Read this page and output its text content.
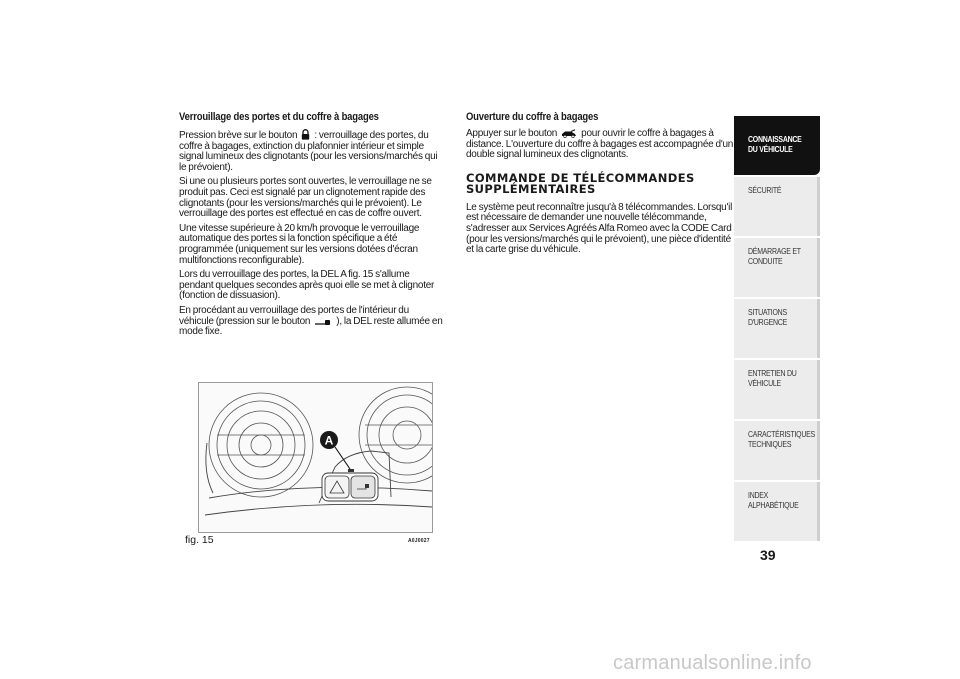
Verrouillage des portes et du coffre à bagages

Pression brève sur le bouton : verrouillage des portes, du coffre à bagages, extinction du plafonnier intérieur et simple signal lumineux des clignotants (pour les versions/marchés qui le prévoient).

Si une ou plusieurs portes sont ouvertes, le verrouillage ne se produit pas. Ceci est signalé par un clignotement rapide des clignotants (pour les versions/marchés qui le prévoient). Le verrouillage des portes est effectué en cas de coffre ouvert.

Une vitesse supérieure à 20 km/h provoque le verrouillage automatique des portes si la fonction spécifique a été programmée (uniquement sur les versions dotées d'écran multifonctions reconfigurable).

Lors du verrouillage des portes, la DEL A fig. 15 s'allume pendant quelques secondes après quoi elle se met à clignoter (fonction de dissuasion).

En procédant au verrouillage des portes de l'intérieur du véhicule (pression sur le bouton	), la DEL reste allumée en mode fixe.

A
fig. 15	A0J0027
Ouverture du coffre à bagages

Appuyer sur le bouton pour ouvrir le coffre à bagages à distance. L'ouverture du coffre à bagages est accompagnée d'un double signal lumineux des clignotants.

COMMANDE DE TÉLÉCOMMANDES
SUPPLÉMENTAIRES

Le système peut reconnaître jusqu'à 8 télécommandes. Lorsqu'il est nécessaire de demander une nouvelle télécommande, s'adresser aux Services Agréés Alfa Romeo avec la CODE Card (pour les versions/marchés qui le prévoient), une pièce d'identité et la carte grise du véhicule.

CONNAISSANCE
DU VÉHICULE
SÉCURITÉ
DÉMARRAGE ET
CONDUITE
SITUATIONS
D'URGENCE
ENTRETIEN DU
VÉHICULE
CARACTÉRISTIQUES
TECHNIQUES
INDEX
ALPHABÉTIQUE
39
carmanualsonline.info
